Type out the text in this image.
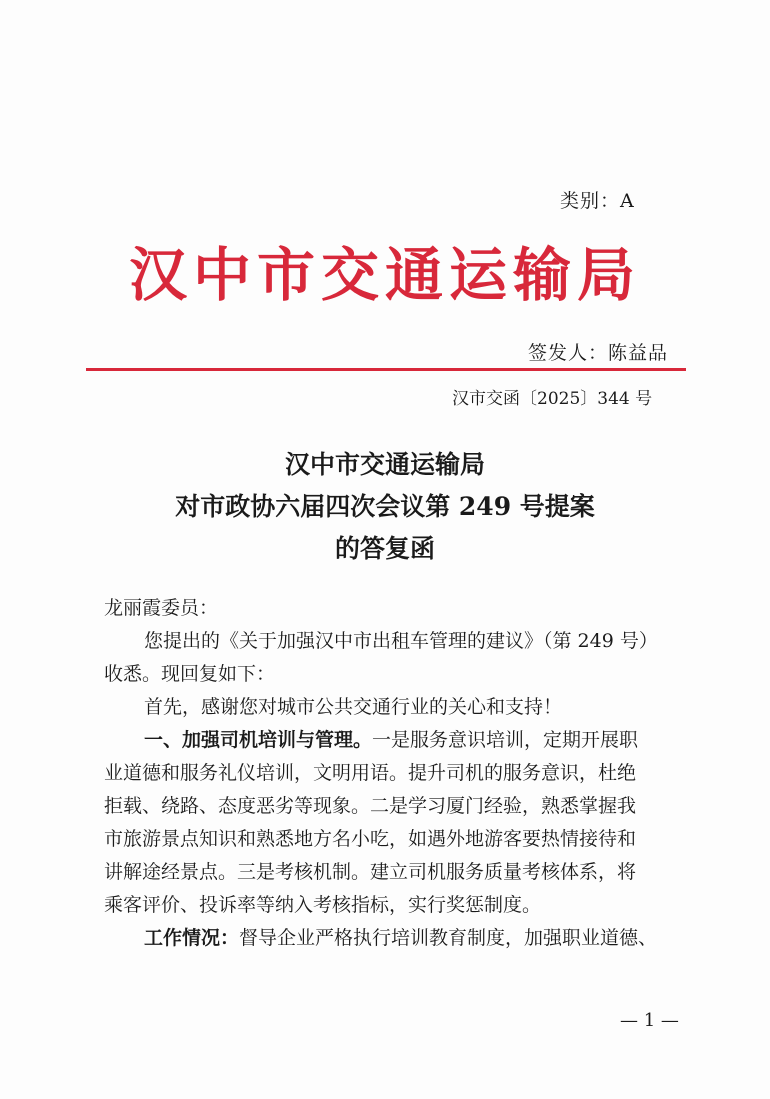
类别：A
汉中市交通运输局
签发人：陈益品
汉市交函〔2025〕344 号
汉中市交通运输局
对市政协六届四次会议第 249 号提案
的答复函

龙丽霞委员：

您提出的《关于加强汉中市出租车管理的建议》（第 249 号）

收悉。现回复如下：

首先，感谢您对城市公共交通行业的关心和支持！

一、加强司机培训与管理。一是服务意识培训，定期开展职

业道德和服务礼仪培训，文明用语。提升司机的服务意识，杜绝

拒载、绕路、态度恶劣等现象。二是学习厦门经验，熟悉掌握我

市旅游景点知识和熟悉地方名小吃，如遇外地游客要热情接待和

讲解途经景点。三是考核机制。建立司机服务质量考核体系，将

乘客评价、投诉率等纳入考核指标，实行奖惩制度。

工作情况：督导企业严格执行培训教育制度，加强职业道德、

— 1 —
